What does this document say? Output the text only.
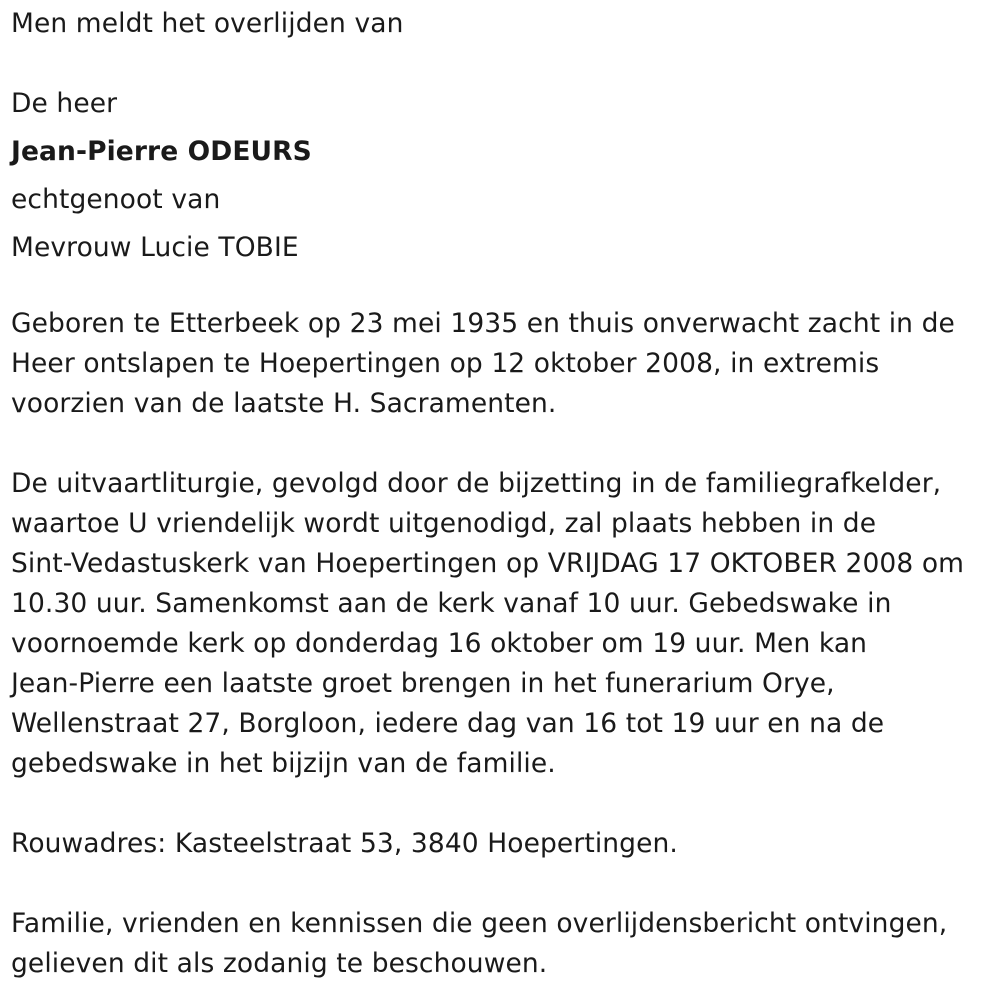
Men meldt het overlijden van
De heer
Jean-Pierre ODEURS
echtgenoot van
Mevrouw Lucie TOBIE

Geboren te Etterbeek op 23 mei 1935 en thuis onverwacht zacht in de
Heer ontslapen te Hoepertingen op 12 oktober 2008, in extremis
voorzien van de laatste H. Sacramenten.

De uitvaartliturgie, gevolgd door de bijzetting in de familiegrafkelder,
waartoe U vriendelijk wordt uitgenodigd, zal plaats hebben in de
Sint-Vedastuskerk van Hoepertingen op VRIJDAG 17 OKTOBER 2008 om
10.30 uur. Samenkomst aan de kerk vanaf 10 uur. Gebedswake in
voornoemde kerk op donderdag 16 oktober om 19 uur. Men kan
Jean-Pierre een laatste groet brengen in het funerarium Orye,
Wellenstraat 27, Borgloon, iedere dag van 16 tot 19 uur en na de
gebedswake in het bijzijn van de familie.

Rouwadres: Kasteelstraat 53, 3840 Hoepertingen.

Familie, vrienden en kennissen die geen overlijdensbericht ontvingen,
gelieven dit als zodanig te beschouwen.
